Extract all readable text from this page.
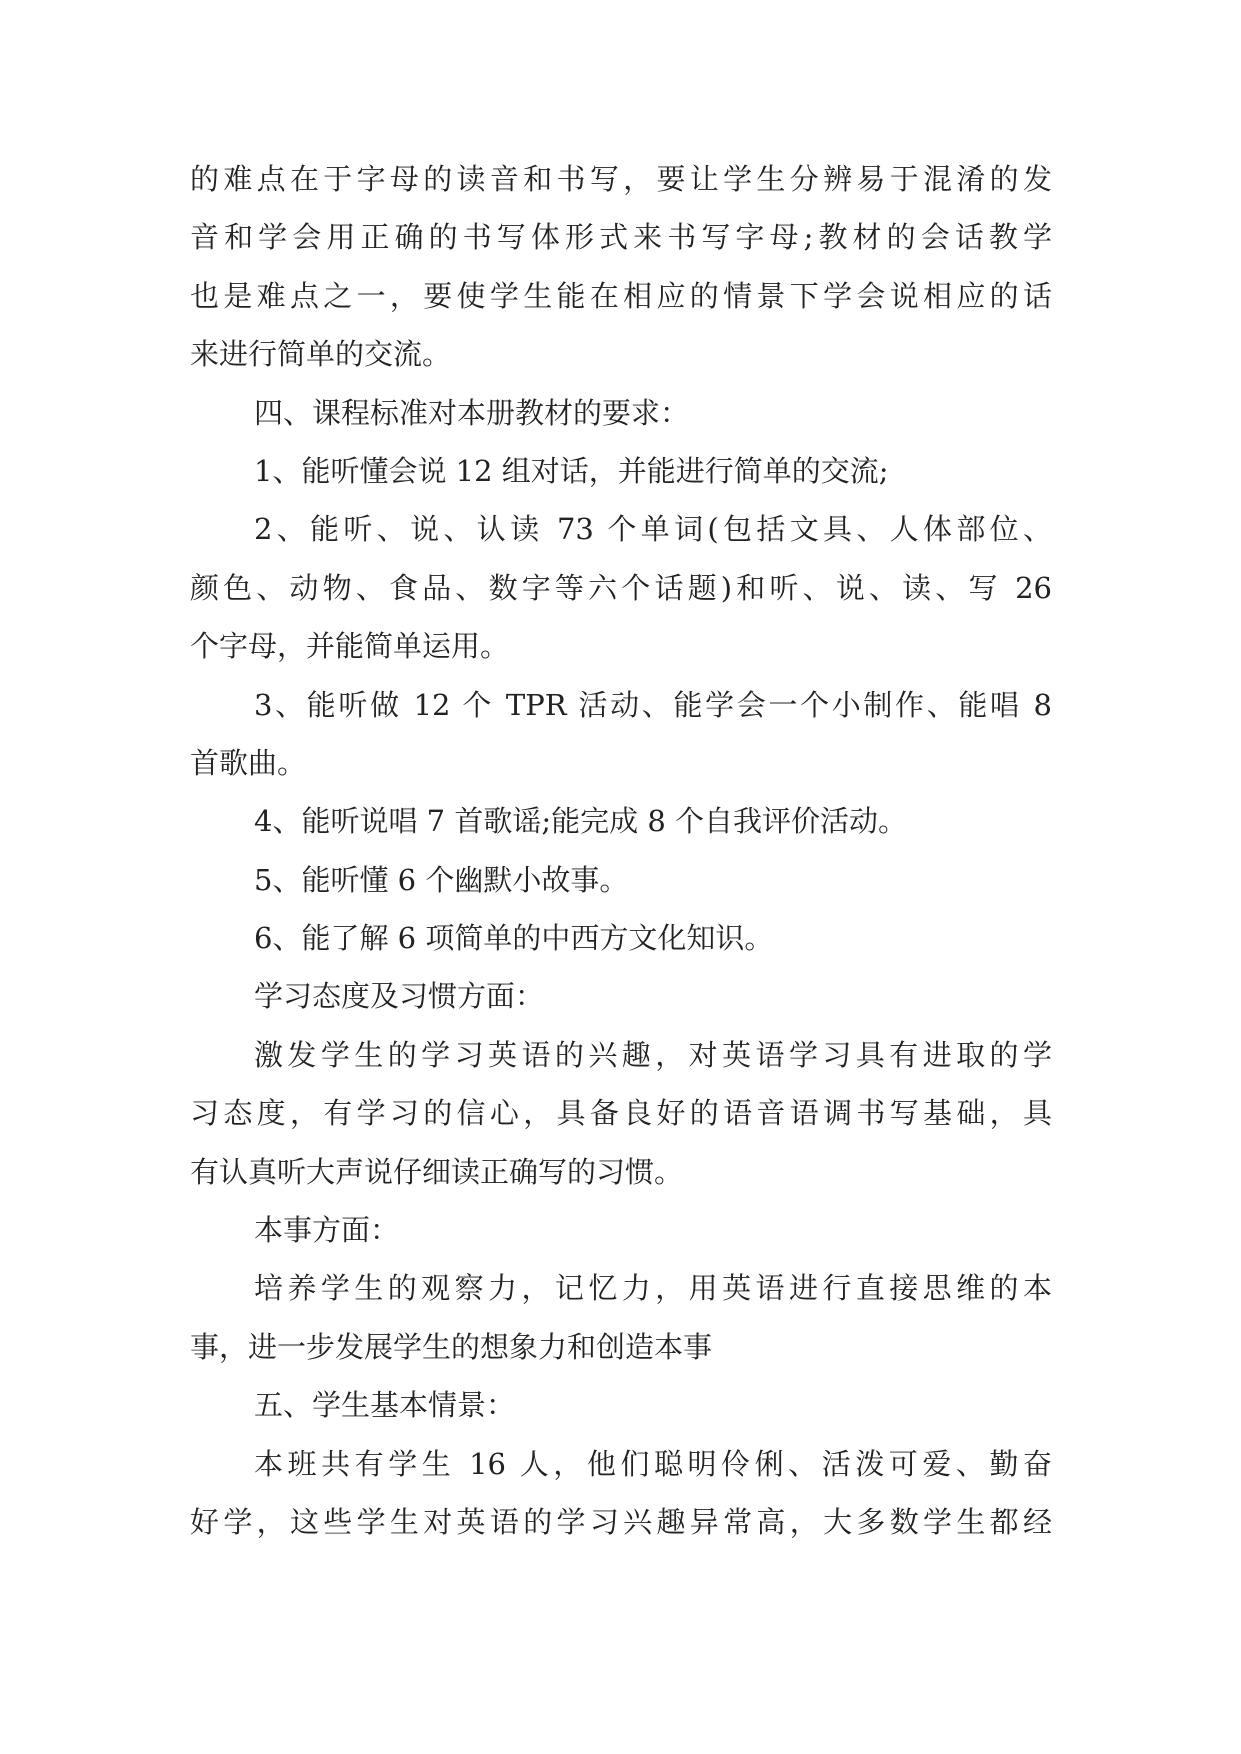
的难点在于字母的读音和书写，要让学生分辨易于混淆的发
音和学会用正确的书写体形式来书写字母;教材的会话教学
也是难点之一，要使学生能在相应的情景下学会说相应的话
来进行简单的交流。
四、课程标准对本册教材的要求：
1、能听懂会说 12 组对话，并能进行简单的交流;
2、能听、说、认读 73 个单词(包括文具、人体部位、
颜色、动物、食品、数字等六个话题)和听、说、读、写 26
个字母，并能简单运用。
3、能听做 12 个 TPR 活动、能学会一个小制作、能唱 8
首歌曲。
4、能听说唱 7 首歌谣;能完成 8 个自我评价活动。
5、能听懂 6 个幽默小故事。
6、能了解 6 项简单的中西方文化知识。
学习态度及习惯方面：
激发学生的学习英语的兴趣，对英语学习具有进取的学
习态度，有学习的信心，具备良好的语音语调书写基础，具
有认真听大声说仔细读正确写的习惯。
本事方面：
培养学生的观察力，记忆力，用英语进行直接思维的本
事，进一步发展学生的想象力和创造本事
五、学生基本情景：
本班共有学生 16 人，他们聪明伶俐、活泼可爱、勤奋
好学，这些学生对英语的学习兴趣异常高，大多数学生都经
